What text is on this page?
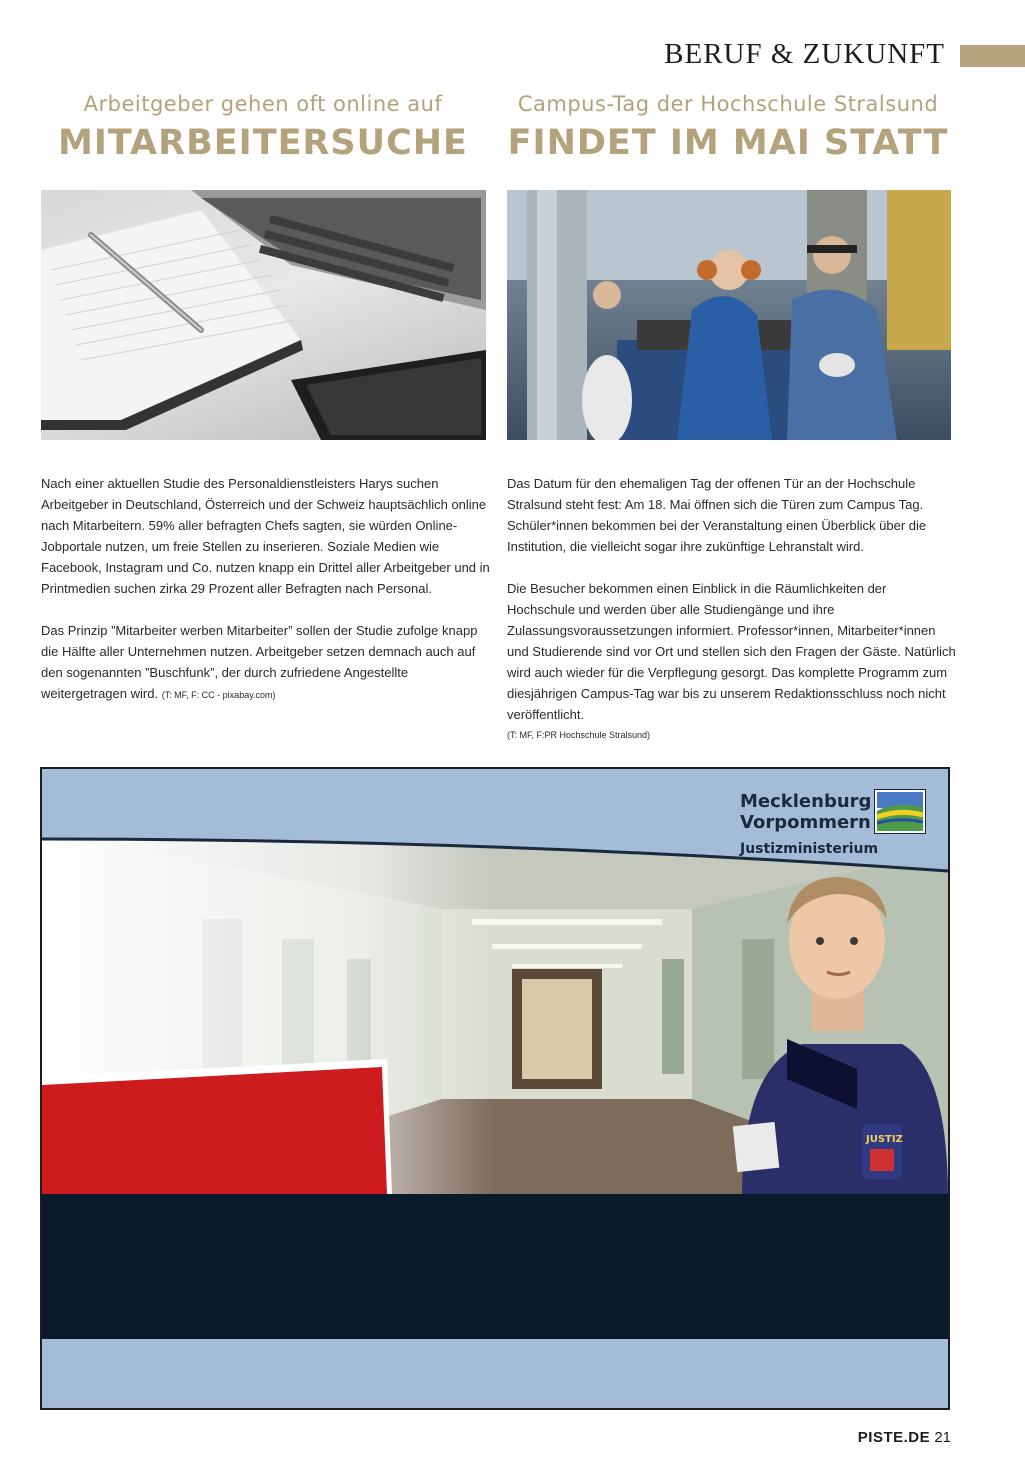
BERUF & ZUKUNFT
Arbeitgeber gehen oft online auf
MITARBEITERSUCHE
Campus-Tag der Hochschule Stralsund
FINDET IM MAI STATT

Nach einer aktuellen Studie des Personaldienstleisters Harys suchen Arbeitgeber in Deutschland, Österreich und der Schweiz hauptsächlich online nach Mitarbeitern. 59% aller befragten Chefs sagten, sie würden Online-Jobportale nutzen, um freie Stellen zu inserieren. Soziale Medien wie Facebook, Instagram und Co. nutzen knapp ein Drittel aller Arbeitgeber und in Printmedien suchen zirka 29 Prozent aller Befragten nach Personal.

Das Prinzip ”Mitarbeiter werben Mitarbeiter” sollen der Studie zufolge knapp die Hälfte aller Unternehmen nutzen. Arbeitgeber setzen demnach auch auf den sogenannten ”Buschfunk”, der durch zufriedene Angestellte weitergetragen wird. (T: MF, F: CC - pixabay.com)

Das Datum für den ehemaligen Tag der offenen Tür an der Hochschule Stralsund steht fest: Am 18. Mai öffnen sich die Türen zum Campus Tag. Schüler*innen bekommen bei der Veranstaltung einen Überblick über die Institution, die vielleicht sogar ihre zukünftige Lehranstalt wird.

Die Besucher bekommen einen Einblick in die Räumlichkeiten der Hochschule und werden über alle Studiengänge und ihre Zulassungsvoraussetzungen informiert. Professor*innen, Mitarbeiter*innen und Studierende sind vor Ort und stellen sich den Fragen der Gäste. Natürlich wird auch wieder für die Verpflegung gesorgt. Das komplette Programm zum diesjährigen Campus-Tag war bis zu unserem Redaktionsschluss noch nicht veröffentlicht.

(T: MF, F:PR Hochschule Stralsund)
JUSTIZ
Mecklenburg
Vorpommern
Justizministerium
PISTE.DE 21
